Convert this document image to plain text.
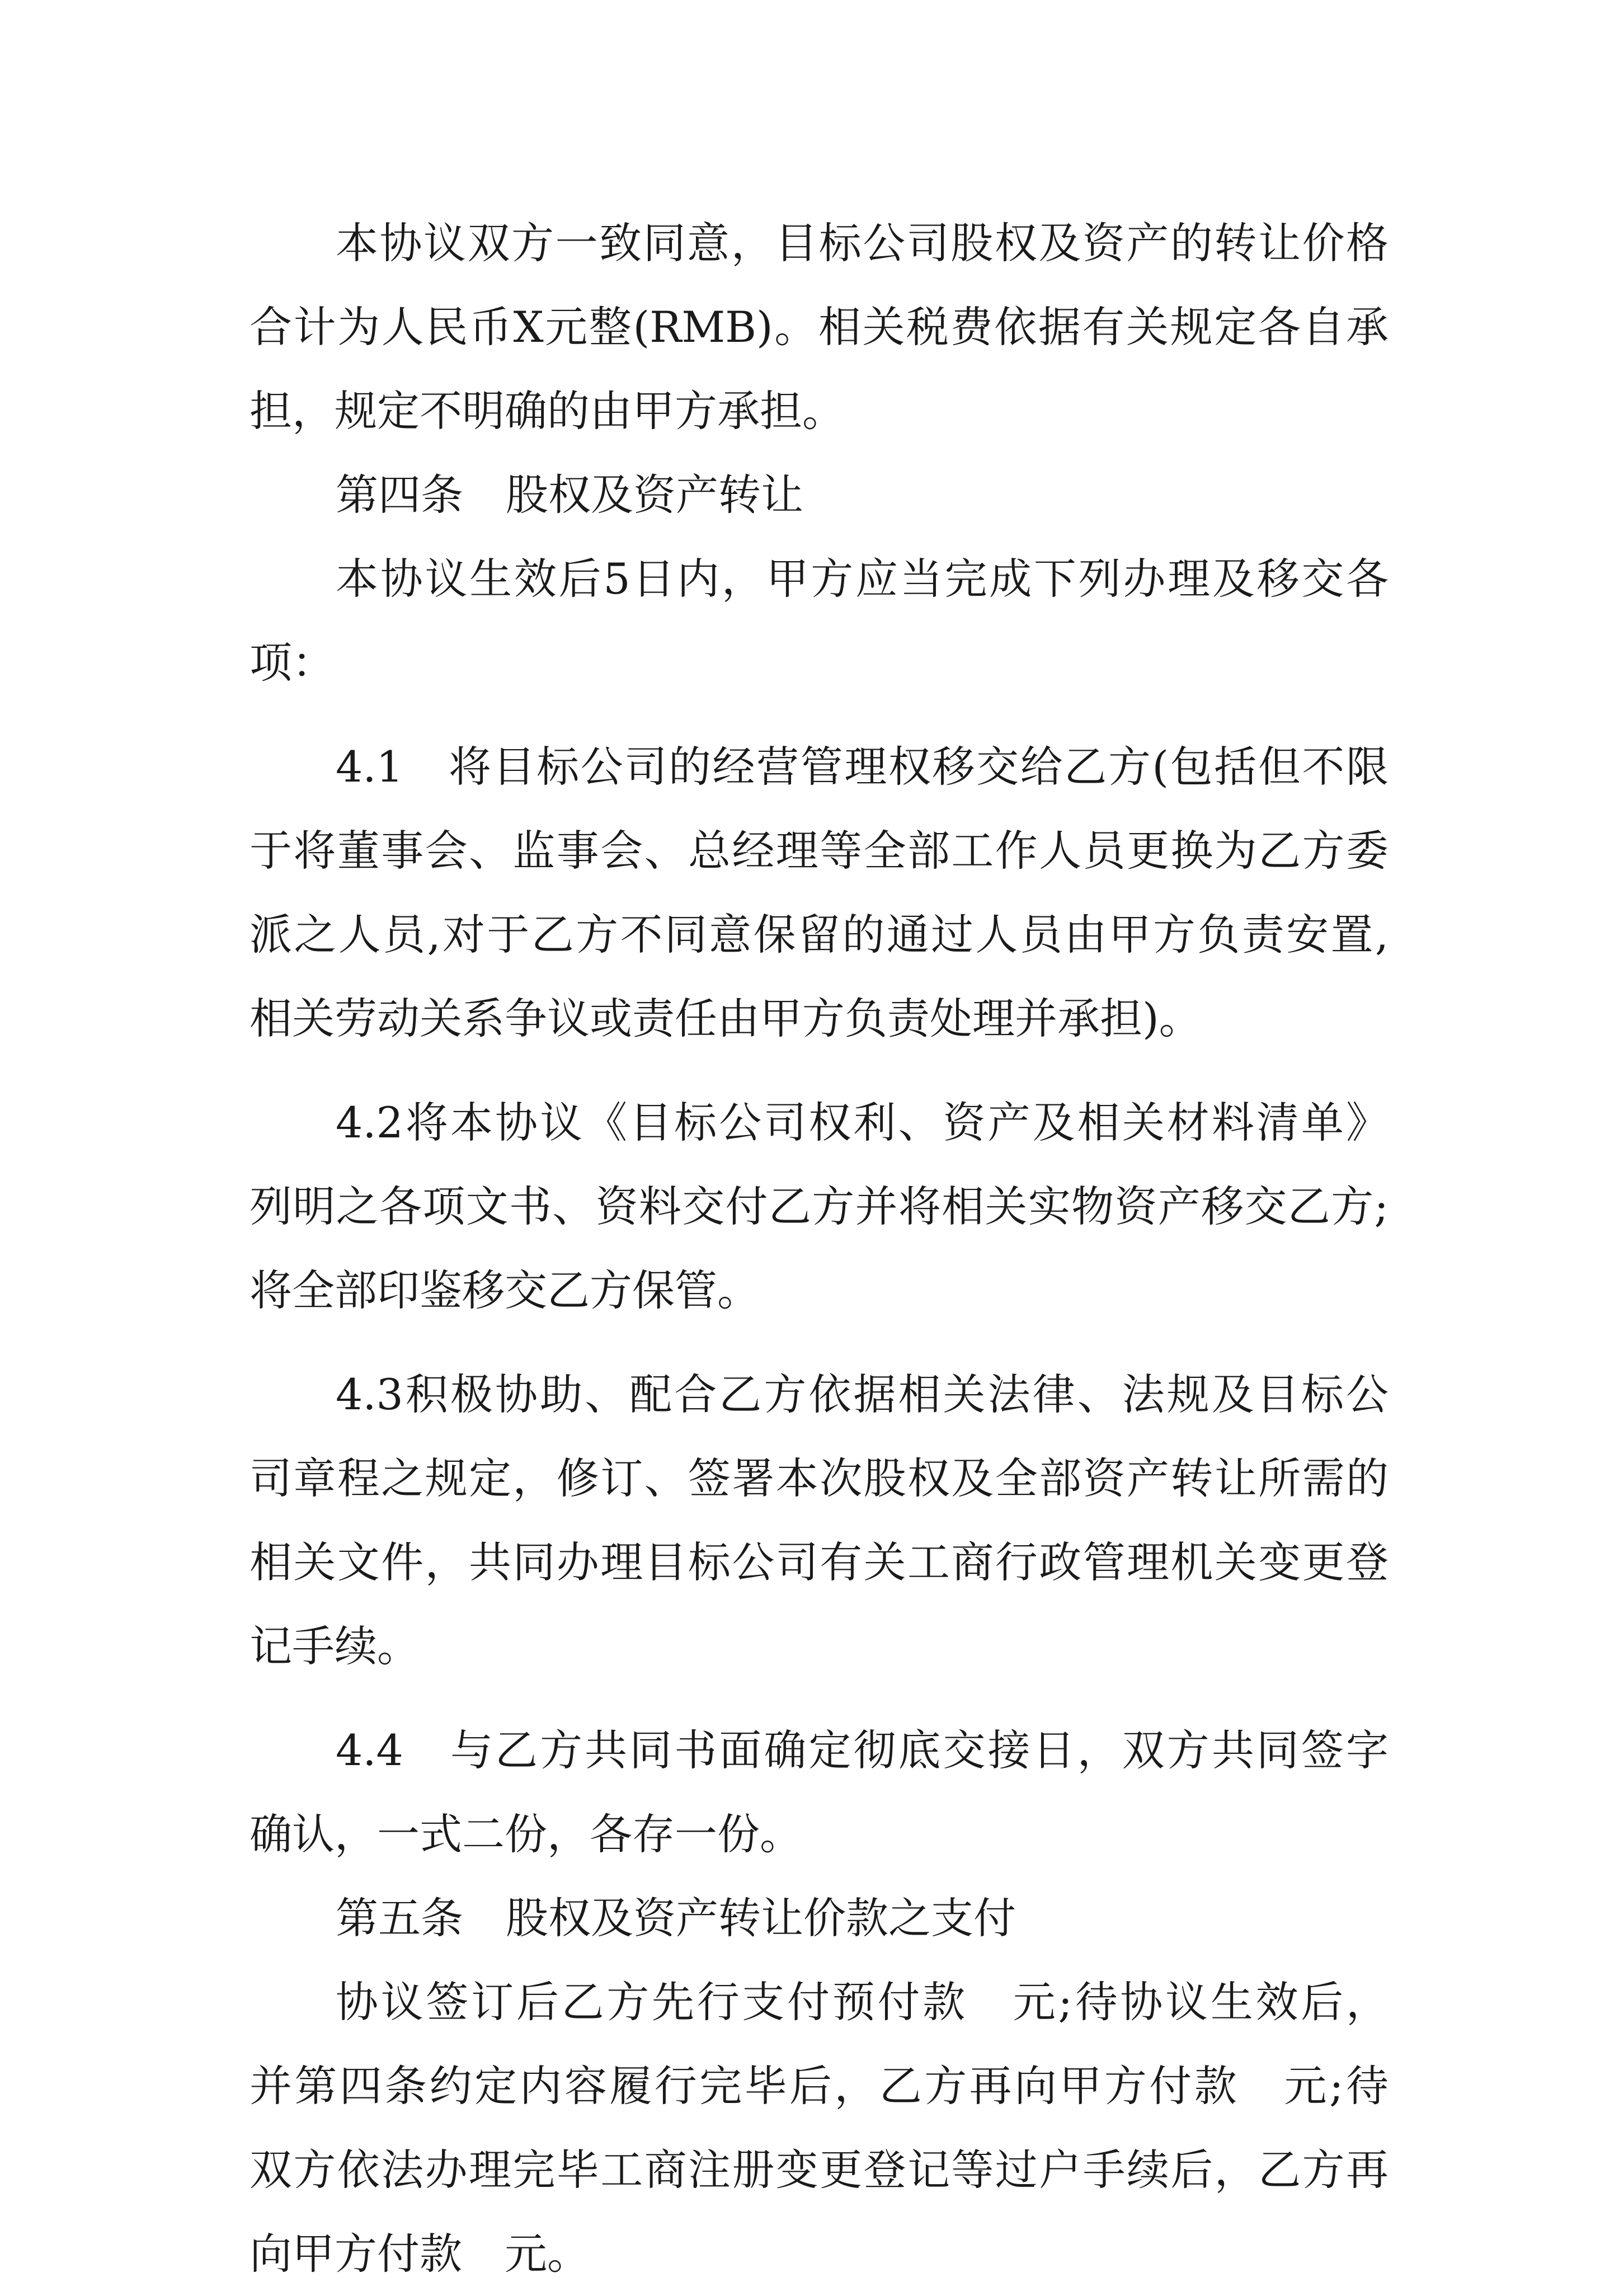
本协议双方一致同意，目标公司股权及资产的转让价格
合计为人民币X元整(RMB)。相关税费依据有关规定各自承
担，规定不明确的由甲方承担。
第四条　股权及资产转让
本协议生效后5日内，甲方应当完成下列办理及移交各
项：
4.1　将目标公司的经营管理权移交给乙方(包括但不限
于将董事会、监事会、总经理等全部工作人员更换为乙方委
派之人员,对于乙方不同意保留的通过人员由甲方负责安置,
相关劳动关系争议或责任由甲方负责处理并承担)。
4.2将本协议《目标公司权利、资产及相关材料清单》
列明之各项文书、资料交付乙方并将相关实物资产移交乙方;
将全部印鉴移交乙方保管。
4.3积极协助、配合乙方依据相关法律、法规及目标公
司章程之规定，修订、签署本次股权及全部资产转让所需的
相关文件，共同办理目标公司有关工商行政管理机关变更登
记手续。
4.4　与乙方共同书面确定彻底交接日，双方共同签字
确认，一式二份，各存一份。
第五条　股权及资产转让价款之支付
协议签订后乙方先行支付预付款　元;待协议生效后，
并第四条约定内容履行完毕后，乙方再向甲方付款　元;待
双方依法办理完毕工商注册变更登记等过户手续后，乙方再
向甲方付款　元。
